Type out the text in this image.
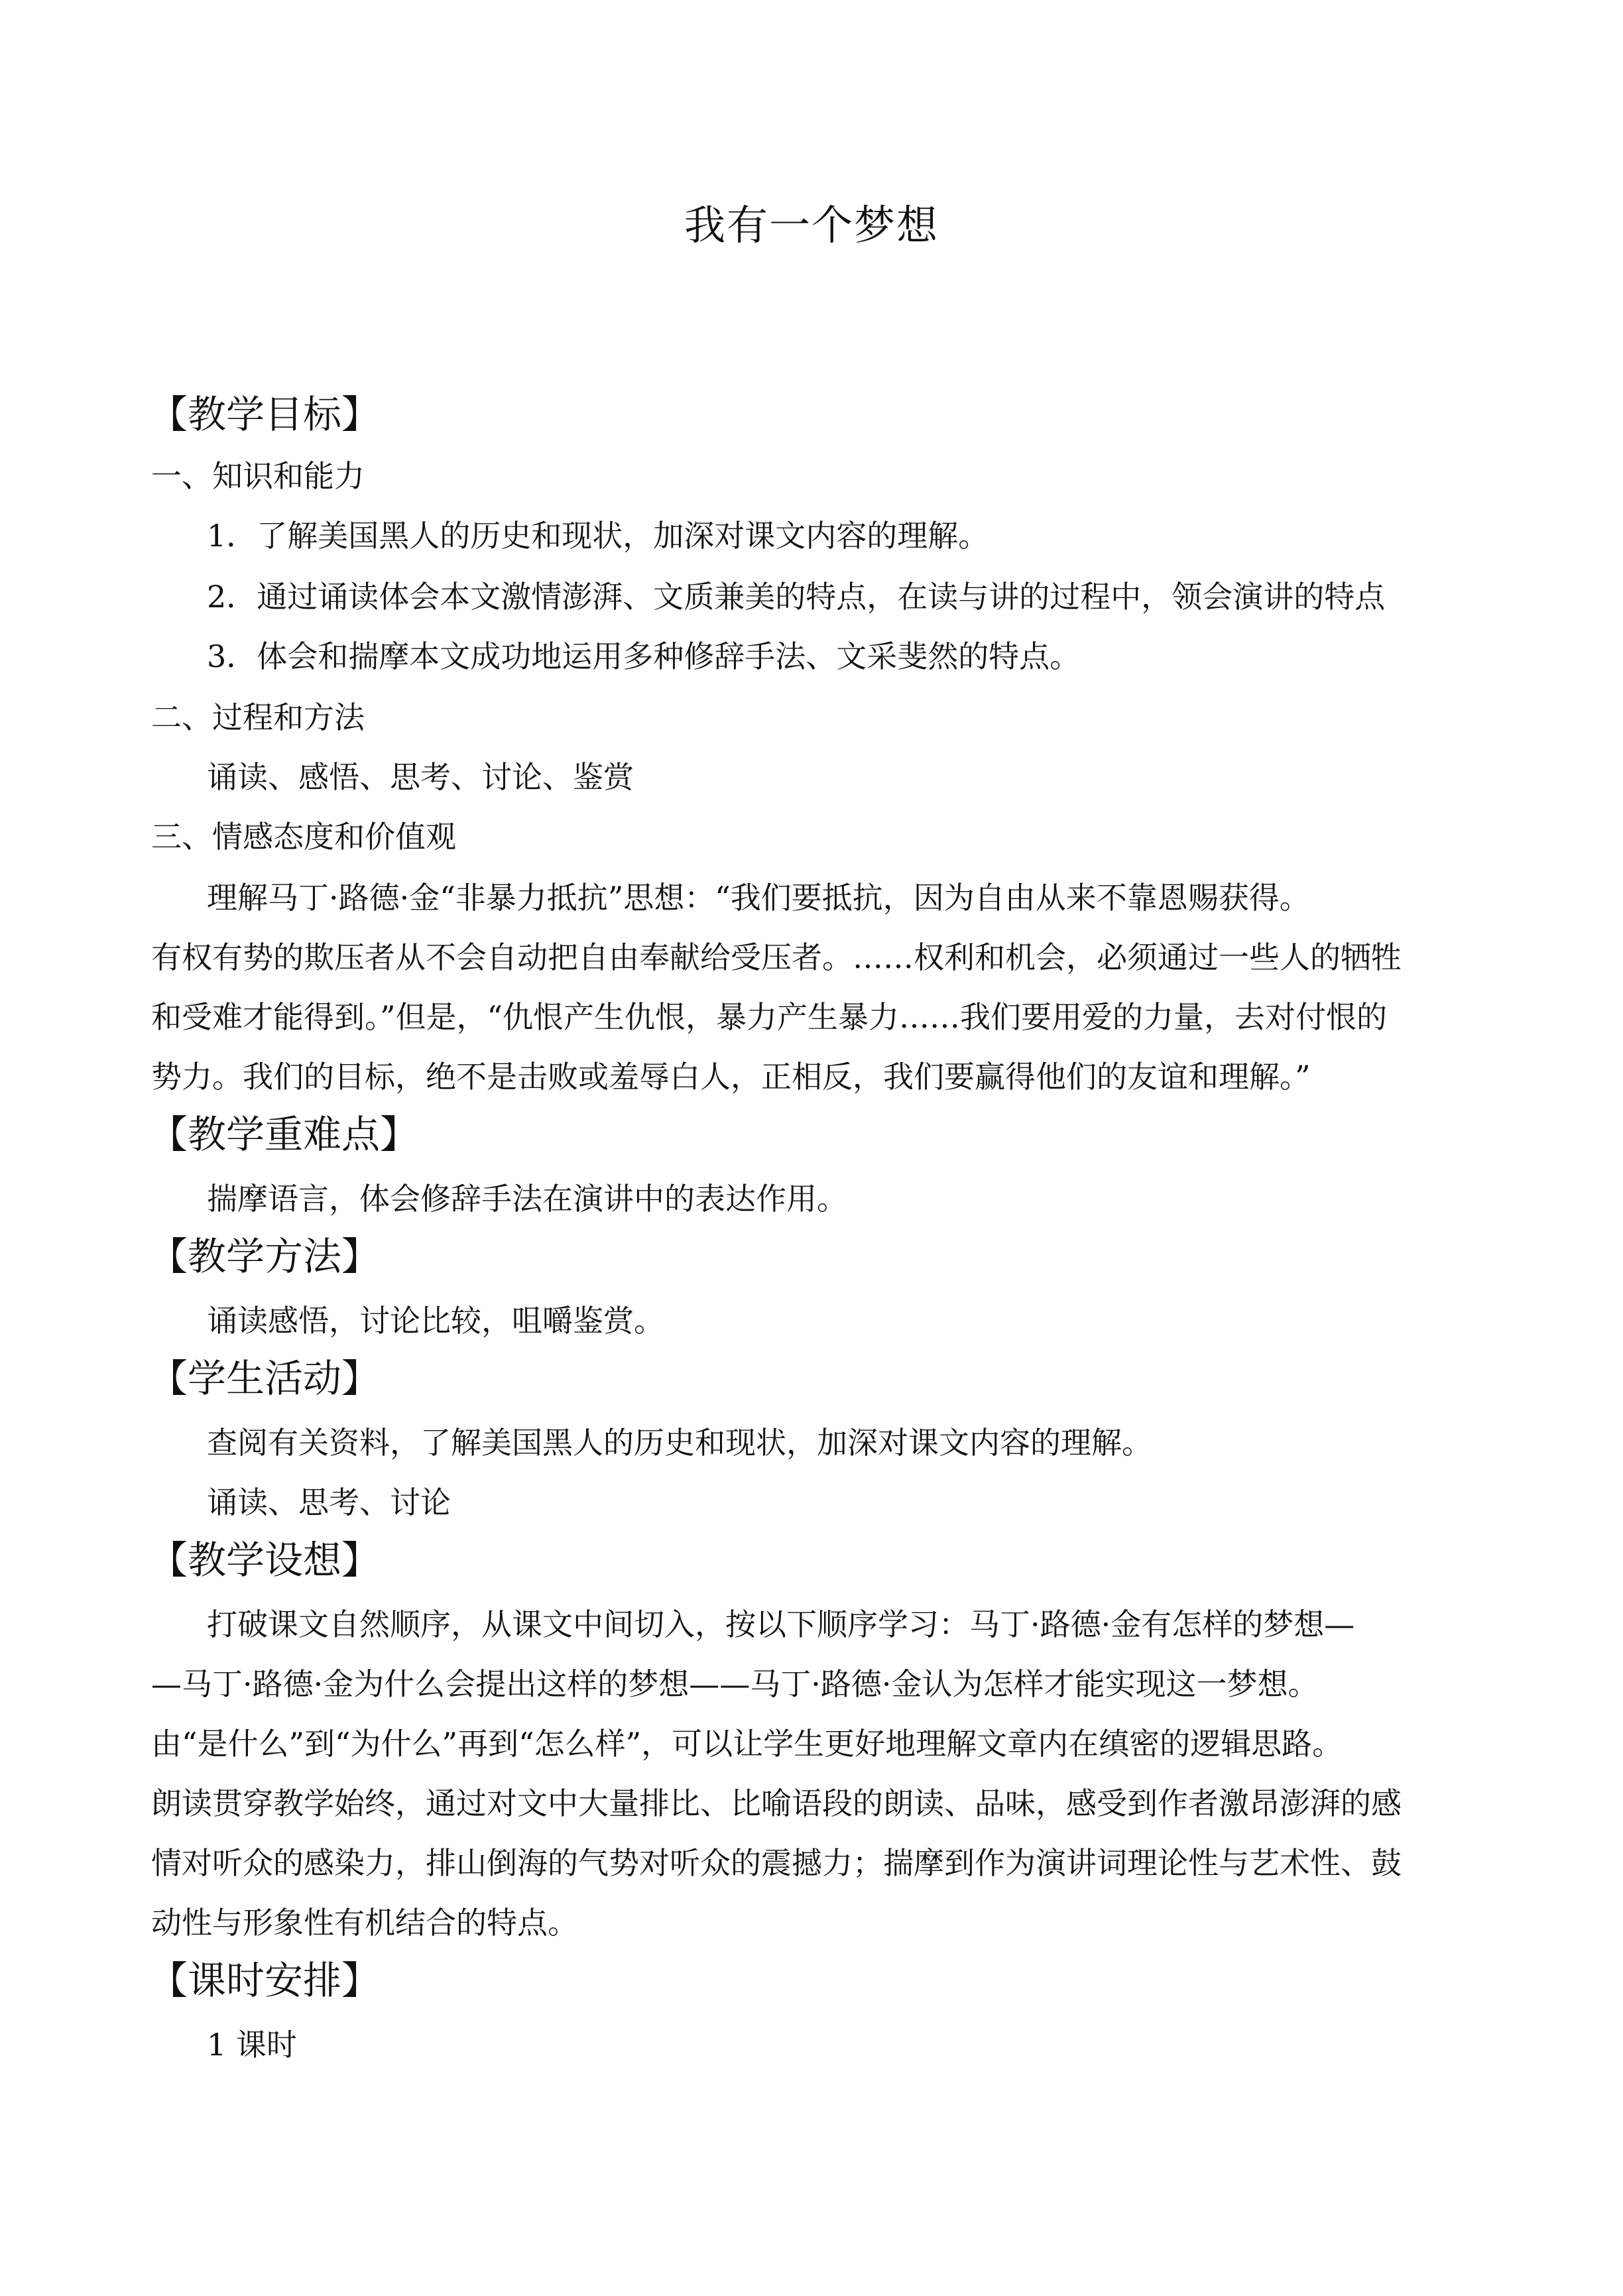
我有一个梦想
【教学目标】
一、知识和能力
1．了解美国黑人的历史和现状，加深对课文内容的理解。
2．通过诵读体会本文激情澎湃、文质兼美的特点，在读与讲的过程中，领会演讲的特点
3．体会和揣摩本文成功地运用多种修辞手法、文采斐然的特点。
二、过程和方法
诵读、感悟、思考、讨论、鉴赏
三、情感态度和价值观
理解马丁·路德·金“非暴力抵抗”思想：“我们要抵抗，因为自由从来不靠恩赐获得。
有权有势的欺压者从不会自动把自由奉献给受压者。……权利和机会，必须通过一些人的牺牲
和受难才能得到。”但是，“仇恨产生仇恨，暴力产生暴力……我们要用爱的力量，去对付恨的
势力。我们的目标，绝不是击败或羞辱白人，正相反，我们要赢得他们的友谊和理解。”
【教学重难点】
揣摩语言，体会修辞手法在演讲中的表达作用。
【教学方法】
诵读感悟，讨论比较，咀嚼鉴赏。
【学生活动】
查阅有关资料，了解美国黑人的历史和现状，加深对课文内容的理解。
诵读、思考、讨论
【教学设想】
打破课文自然顺序，从课文中间切入，按以下顺序学习：马丁·路德·金有怎样的梦想—
—马丁·路德·金为什么会提出这样的梦想——马丁·路德·金认为怎样才能实现这一梦想。
由“是什么”到“为什么”再到“怎么样”，可以让学生更好地理解文章内在缜密的逻辑思路。
朗读贯穿教学始终，通过对文中大量排比、比喻语段的朗读、品味，感受到作者激昂澎湃的感
情对听众的感染力，排山倒海的气势对听众的震撼力；揣摩到作为演讲词理论性与艺术性、鼓
动性与形象性有机结合的特点。
【课时安排】
1 课时
